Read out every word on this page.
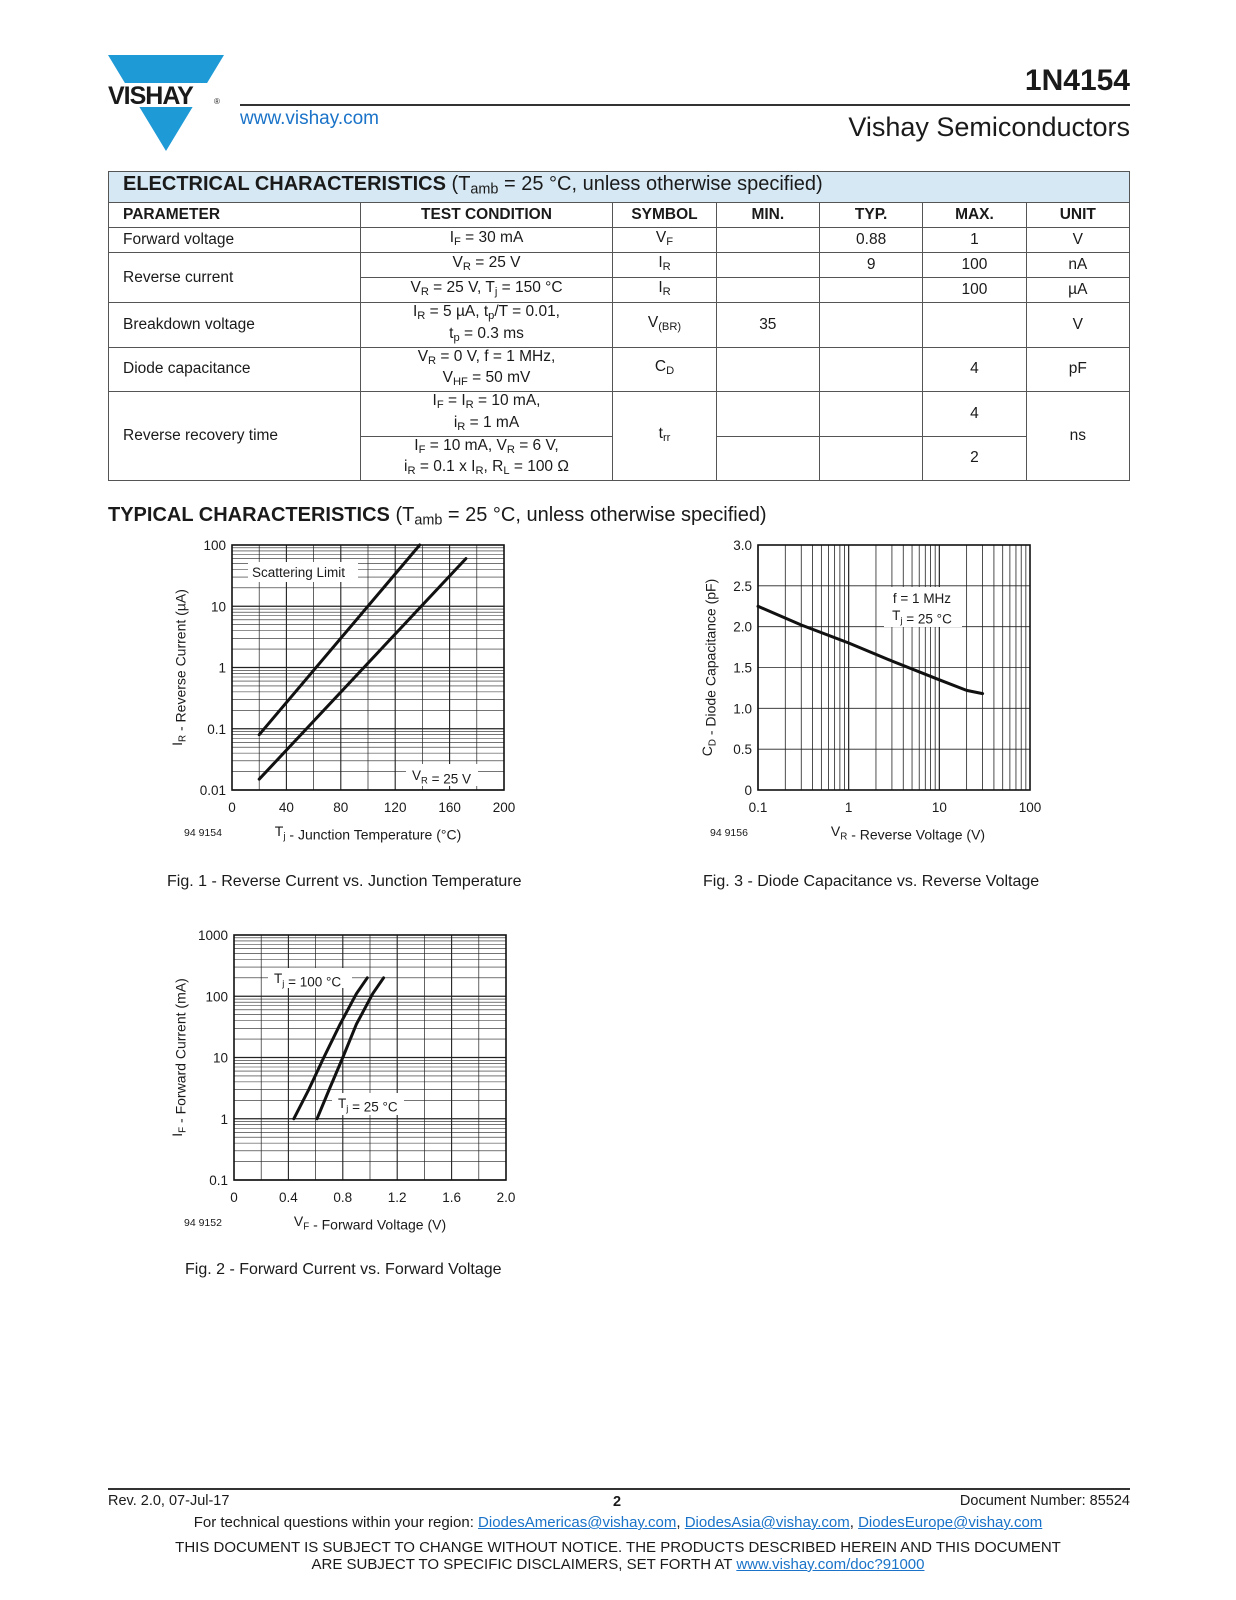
VISHAY	®
www.vishay.com
1N4154
Vishay Semiconductors
ELECTRICAL CHARACTERISTICS ($T_{amb} = 25$ °C, unless otherwise specified)						
PARAMETER	TEST CONDITION	SYMBOL	MIN.	TYP.	MAX.	UNIT
Forward voltage	$I_F = 30$ mA	$V_F$		0.88	1	V
Reverse current	$V_R = 25$ V	$I_R$		9	100	nA
	$V_R = 25$ V, $T_j = 150$ °C	$I_R$			100	µA
Breakdown voltage	$I_R = 5$ µA, $t_p/T = 0.01$,
$t_p = 0.3$ ms	$V_{(BR)}$	35			V
Diode capacitance	$V_R = 0$ V, f = 1 MHz,
$V_{HF} = 50$ mV	$C_D$			4	pF
Reverse recovery time	$I_F = I_R = 10$ mA,
$i_R = 1$ mA	$t_{rr}$			4	ns

	$I_F = 10$ mA, $V_R = 6$ V,
$i_R = 0.1$ x $I_R$, $R_L = 100$ Ω				2	
TYPICAL CHARACTERISTICS ($T_{amb} = 25$ °C, unless otherwise specified)
0	40	80	120 160 200
100
10
1
0.1
0.01
$T_j$ - Junction Temperature (°C)
$I_R$ - Reverse Current (µA)
94 9154
Scattering Limit
$V_R = 25$ V
Fig. 1 - Reverse Current vs. Junction Temperature
0.1	1	10	100
3.0
2.5
2.0
1.5
1.0
0.5
0
$V_R$ - Reverse Voltage (V)
$C_D$ - Diode Capacitance (pF)
94 9156
f = 1 MHz
$T_j = 25$ °C
Fig. 3 - Diode Capacitance vs. Reverse Voltage
0	0.4	0.8	1.2	1.6	2.0
1000
100
10
1
0.1
$V_F$ - Forward Voltage (V)
$I_F$ - Forward Current (mA)
94 9152
$T_j = 100$ °C
$T_j = 25$ °C
Fig. 2 - Forward Current vs. Forward Voltage
Rev. 2.0, 07-Jul-17	2	Document Number: 85524
For technical questions within your region: DiodesAmericas@vishay.com, DiodesAsia@vishay.com, DiodesEurope@vishay.com
THIS DOCUMENT IS SUBJECT TO CHANGE WITHOUT NOTICE. THE PRODUCTS DESCRIBED HEREIN AND THIS DOCUMENT
ARE SUBJECT TO SPECIFIC DISCLAIMERS, SET FORTH AT www.vishay.com/doc?91000
